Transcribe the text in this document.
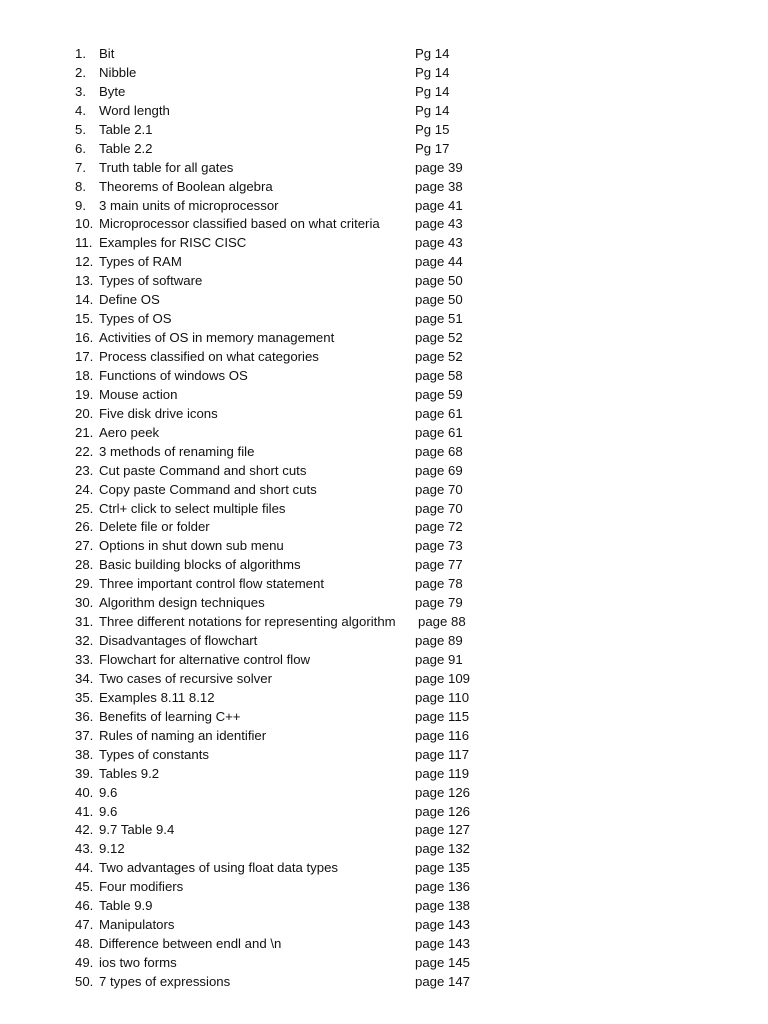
1. Bit	Pg 14
2. Nibble	Pg 14
3. Byte	Pg 14
4. Word length	Pg 14
5. Table 2.1	Pg 15
6. Table 2.2	Pg 17
7. Truth table for all gates	page 39
8. Theorems of Boolean algebra	page 38
9. 3 main units of microprocessor	page 41
10. Microprocessor classified based on what criteria	page 43
11. Examples for RISC CISC	page 43
12. Types of RAM	page 44
13. Types of software	page 50
14. Define OS	page 50
15. Types of OS	page 51
16. Activities of OS in memory management	page 52
17. Process classified on what categories	page 52
18. Functions of windows OS	page 58
19. Mouse action	page 59
20. Five disk drive icons	page 61
21. Aero peek	page 61
22. 3 methods of renaming file	page 68
23. Cut paste Command and short cuts	page 69
24. Copy paste Command and short cuts	page 70
25. Ctrl+ click to select multiple files	page 70
26. Delete file or folder	page 72
27. Options in shut down sub menu	page 73
28. Basic building blocks of algorithms	page 77
29. Three important control flow statement	page 78
30. Algorithm design techniques	page 79
31. Three different notations for representing algorithm page 88
32. Disadvantages of flowchart	page 89
33. Flowchart for alternative control flow	page 91
34. Two cases of recursive solver	page 109
35. Examples 8.11 8.12	page 110
36. Benefits of learning C++	page 115
37. Rules of naming an identifier	page 116
38. Types of constants	page 117
39. Tables 9.2	page 119
40. 9.6	page 126
41. 9.6	page 126
42. 9.7 Table 9.4	page 127
43. 9.12	page 132
44. Two advantages of using float data types	page 135
45. Four modifiers	page 136
46. Table 9.9	page 138
47. Manipulators	page 143
48. Difference between endl and \n	page 143
49. ios two forms	page 145
50. 7 types of expressions	page 147
